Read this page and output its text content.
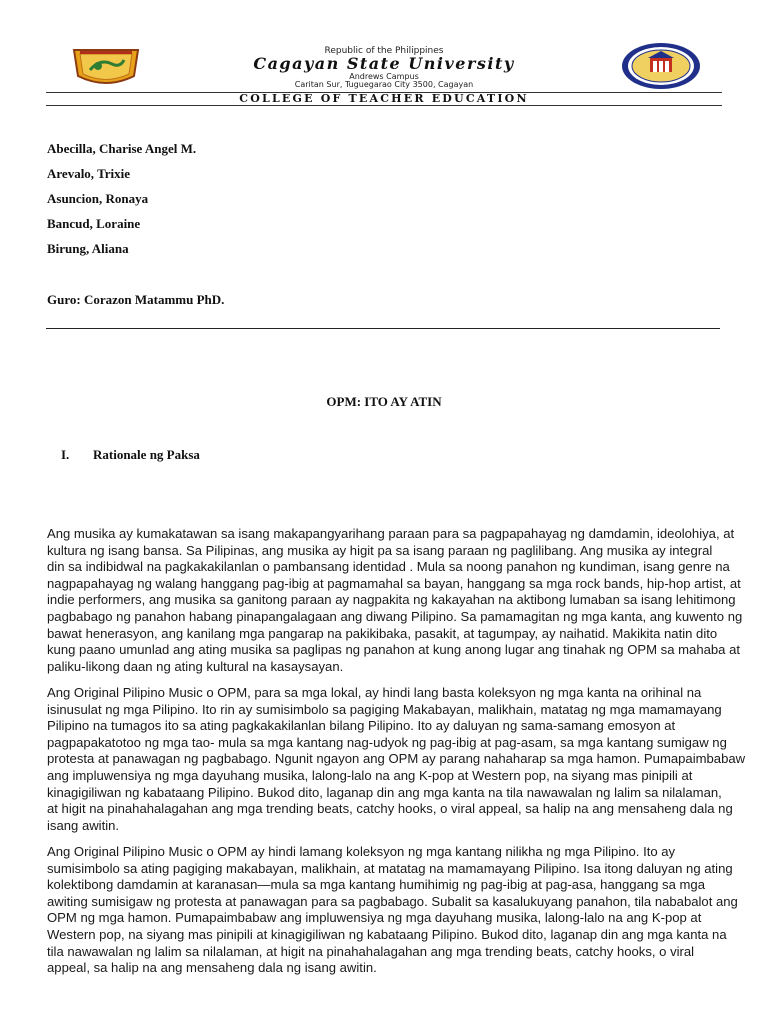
Republic of the Philippines
Cagayan State University
Andrews Campus
Caritan Sur, Tuguegarao City 3500, Cagayan
COLLEGE OF TEACHER EDUCATION
Abecilla, Charise Angel M.
Arevalo, Trixie
Asuncion, Ronaya
Bancud, Loraine
Birung, Aliana
Guro: Corazon Matammu PhD.
OPM: ITO AY ATIN
I. Rationale ng Paksa
Ang musika ay kumakatawan sa isang makapangyarihang paraan para sa pagpapahayag ng damdamin, ideolohiya, at
kultura ng isang bansa. Sa Pilipinas, ang musika ay higit pa sa isang paraan ng paglilibang. Ang musika ay integral
din sa indibidwal na pagkakakilanlan o pambansang identidad . Mula sa noong panahon ng kundiman, isang genre na
nagpapahayag ng walang hanggang pag-ibig at pagmamahal sa bayan, hanggang sa mga rock bands, hip-hop artist, at
indie performers, ang musika sa ganitong paraan ay nagpakita ng kakayahan na aktibong lumaban sa isang lehitimong
pagbabago ng panahon habang pinapangalagaan ang diwang Pilipino. Sa pamamagitan ng mga kanta, ang kuwento ng
bawat henerasyon, ang kanilang mga pangarap na pakikibaka, pasakit, at tagumpay, ay naihatid. Makikita natin dito
kung paano umunlad ang ating musika sa paglipas ng panahon at kung anong lugar ang tinahak ng OPM sa mahaba at
paliku-likong daan ng ating kultural na kasaysayan.
Ang Original Pilipino Music o OPM, para sa mga lokal, ay hindi lang basta koleksyon ng mga kanta na orihinal na
isinusulat ng mga Pilipino. Ito rin ay sumisimbolo sa pagiging Makabayan, malikhain, matatag ng mga mamamayang
Pilipino na tumagos ito sa ating pagkakakilanlan bilang Pilipino. Ito ay daluyan ng sama-samang emosyon at
pagpapakatotoo ng mga tao- mula sa mga kantang nag-udyok ng pag-ibig at pag-asam, sa mga kantang sumigaw ng
protesta at panawagan ng pagbabago. Ngunit ngayon ang OPM ay parang nahaharap sa mga hamon. Pumapaimbabaw
ang impluwensiya ng mga dayuhang musika, lalong-lalo na ang K-pop at Western pop, na siyang mas pinipili at
kinagigiliwan ng kabataang Pilipino. Bukod dito, laganap din ang mga kanta na tila nawawalan ng lalim sa nilalaman,
at higit na pinahahalagahan ang mga trending beats, catchy hooks, o viral appeal, sa halip na ang mensaheng dala ng
isang awitin.
Ang Original Pilipino Music o OPM ay hindi lamang koleksyon ng mga kantang nilikha ng mga Pilipino. Ito ay
sumisimbolo sa ating pagiging makabayan, malikhain, at matatag na mamamayang Pilipino. Isa itong daluyan ng ating
kolektibong damdamin at karanasan—mula sa mga kantang humihimig ng pag-ibig at pag-asa, hanggang sa mga
awiting sumisigaw ng protesta at panawagan para sa pagbabago. Subalit sa kasalukuyang panahon, tila nababalot ang
OPM ng mga hamon. Pumapaimbabaw ang impluwensiya ng mga dayuhang musika, lalong-lalo na ang K-pop at
Western pop, na siyang mas pinipili at kinagigiliwan ng kabataang Pilipino. Bukod dito, laganap din ang mga kanta na
tila nawawalan ng lalim sa nilalaman, at higit na pinahahalagahan ang mga trending beats, catchy hooks, o viral
appeal, sa halip na ang mensaheng dala ng isang awitin.
